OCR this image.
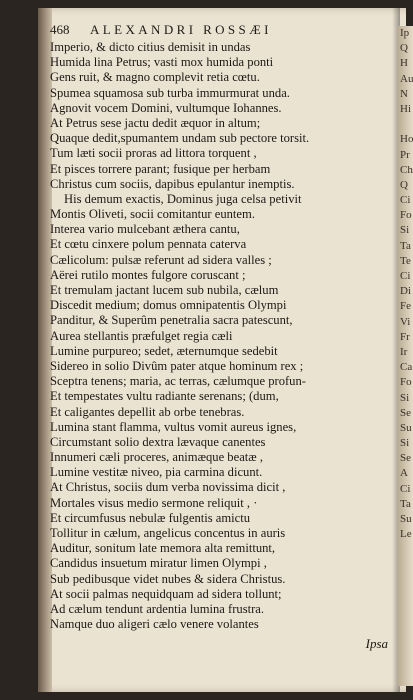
468 ALEXANDRI ROSSÆI
Imperio, & dicto citius demisit in undas
Humida lina Petrus; vasti mox humida ponti
Gens ruit, & magno complevit retia cœtu.
Spumea squamosa sub turba immurmurat unda.
Agnovit vocem Domini, vultumque Iohannes.
At Petrus sese jactu dedit æquor in altum;
Quaque dedit,spumantem undam sub pectore torsit.
Tum læti socii proras ad littora torquent ,
Et pisces torrere parant; fusique per herbam
Christus cum sociis, dapibus epulantur inemptis.
His demum exactis, Dominus juga celsa petivit
Montis Oliveti, socii comitantur euntem.
Interea vario mulcebant æthera cantu,
Et cœtu cinxere polum pennata caterva
Cælicolum: pulsæ referunt ad sidera valles ;
Aërei rutilo montes fulgore coruscant ;
Et tremulam jactant lucem sub nubila, cælum
Discedit medium; domus omnipatentis Olympi
Panditur, & Superûm penetralia sacra patescunt,
Aurea stellantis præfulget regia cæli
Lumine purpureo; sedet, æternumque sedebit
Sidereo in solio Divûm pater atque hominum rex ;
Sceptra tenens; maria, ac terras, cælumque profun-
Et tempestates vultu radiante serenans; (dum,
Et caligantes depellit ab orbe tenebras.
Lumina stant flamma, vultus vomit aureus ignes,
Circumstant solio dextra lævaque canentes
Innumeri cæli proceres, animæque beatæ ,
Lumine vestitæ niveo, pia carmina dicunt.
At Christus, sociis dum verba novissima dicit ,
Mortales visus medio sermone reliquit , ·
Et circumfusus nebulæ fulgentis amictu
Tollitur in cælum, angelicus concentus in auris
Auditur, sonitum late memora alta remittunt,
Candidus insuetum miratur limen Olympi ,
Sub pedibusque videt nubes & sidera Christus.
At socii palmas nequidquam ad sidera tollunt;
Ad cælum tendunt ardentia lumina frustra.
Namque duo aligeri cælo venere volantes
Ipsa
Ip
Q
H
Au
N
Hi
Ho
Pr
Ch
Q
Ci
Fo
Si
Ta
Te
Ci
Di
Fe
Vi
Fr
Ir
Ca
Fo
Si
Se
Su
Si
Se
A
Ci
Ta
Su
Le
